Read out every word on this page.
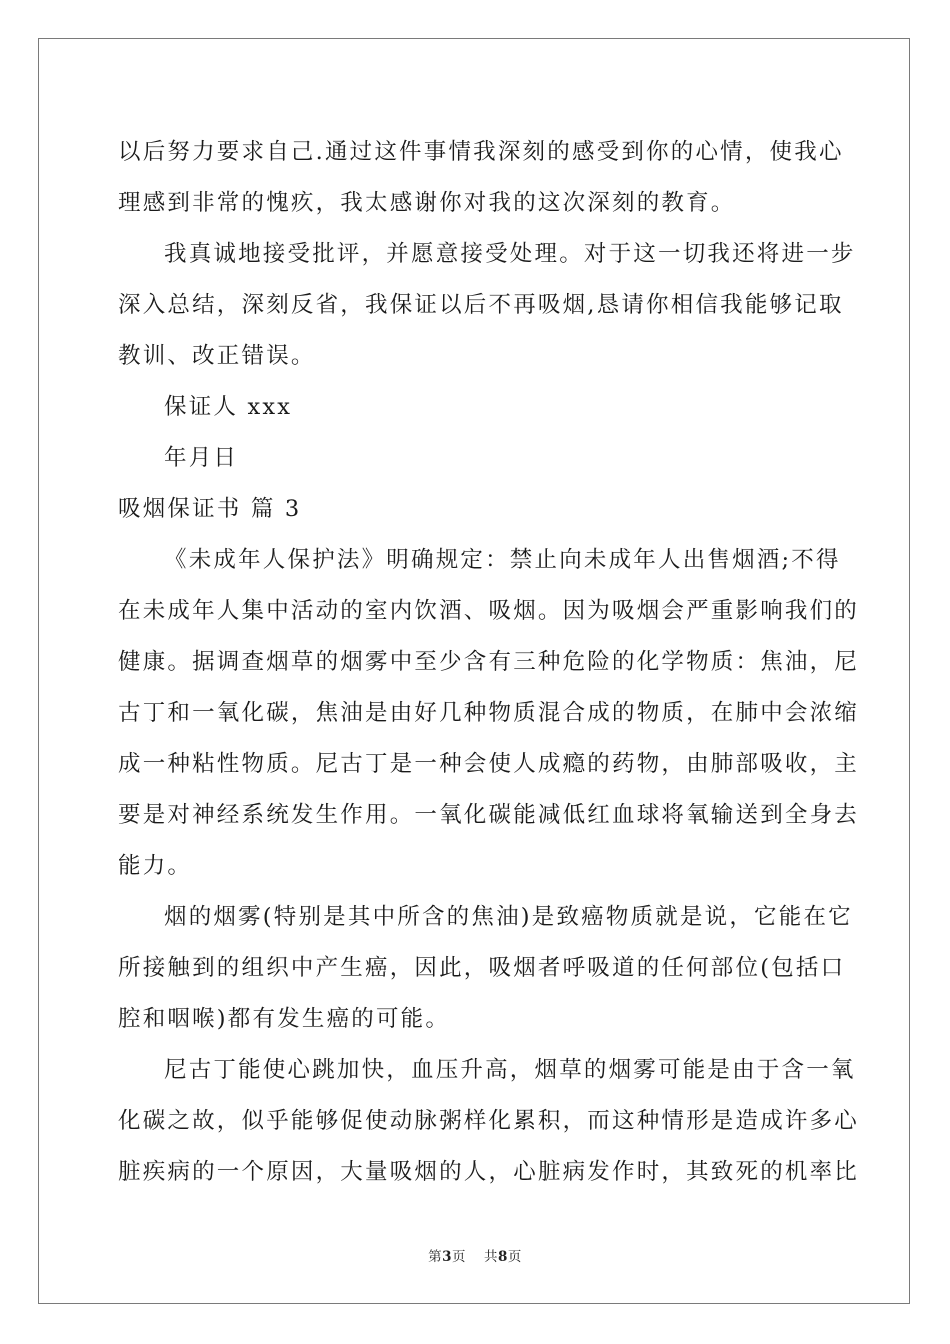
以后努力要求自己.通过这件事情我深刻的感受到你的心情，使我心
理感到非常的愧疚，我太感谢你对我的这次深刻的教育。
我真诚地接受批评，并愿意接受处理。对于这一切我还将进一步
深入总结，深刻反省，我保证以后不再吸烟,恳请你相信我能够记取
教训、改正错误。
保证人 xxx
年月日
吸烟保证书 篇 3
《未成年人保护法》明确规定：禁止向未成年人出售烟酒;不得
在未成年人集中活动的室内饮酒、吸烟。因为吸烟会严重影响我们的
健康。据调查烟草的烟雾中至少含有三种危险的化学物质：焦油，尼
古丁和一氧化碳，焦油是由好几种物质混合成的物质，在肺中会浓缩
成一种粘性物质。尼古丁是一种会使人成瘾的药物，由肺部吸收，主
要是对神经系统发生作用。一氧化碳能减低红血球将氧输送到全身去
能力。
烟的烟雾(特别是其中所含的焦油)是致癌物质就是说，它能在它
所接触到的组织中产生癌，因此，吸烟者呼吸道的任何部位(包括口
腔和咽喉)都有发生癌的可能。
尼古丁能使心跳加快，血压升高，烟草的烟雾可能是由于含一氧
化碳之故，似乎能够促使动脉粥样化累积，而这种情形是造成许多心
脏疾病的一个原因，大量吸烟的人，心脏病发作时，其致死的机率比
第3页 共8页
